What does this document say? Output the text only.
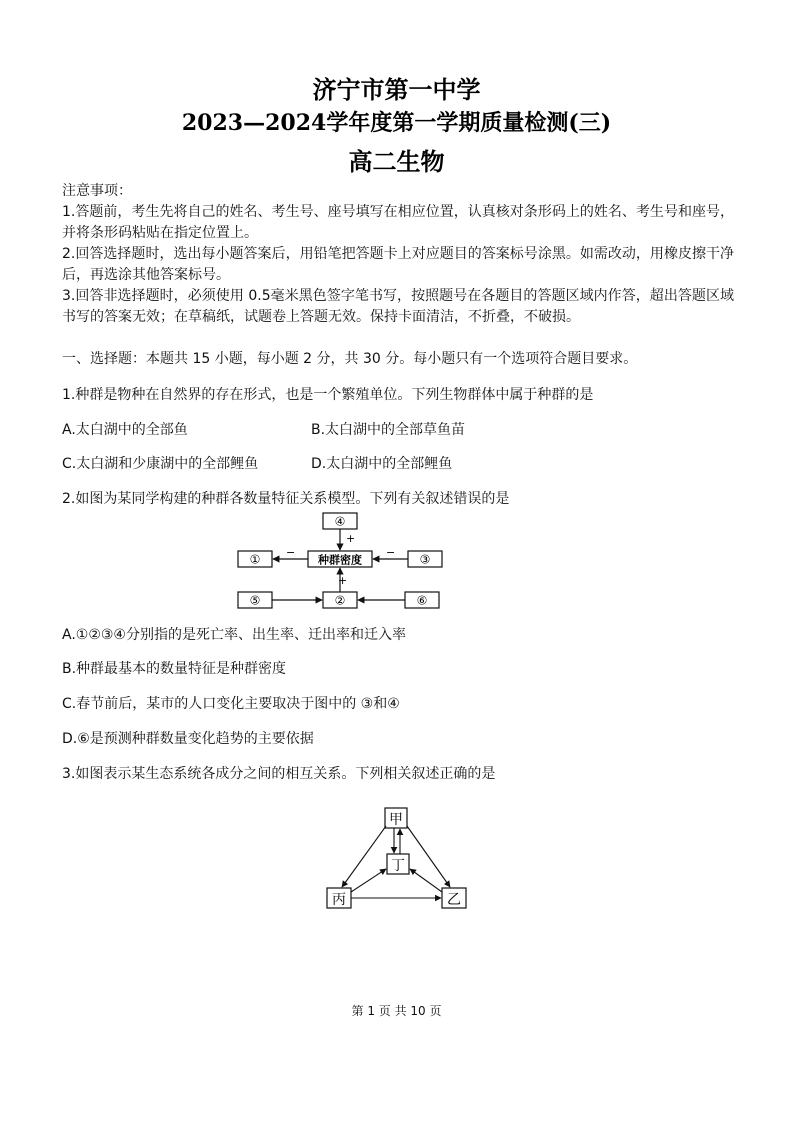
济宁市第一中学
2023—2024学年度第一学期质量检测(三)
高二生物

注意事项：

1.答题前，考生先将自己的姓名、考生号、座号填写在相应位置，认真核对条形码上的姓名、考生号和座号，并将条形码粘贴在指定位置上。

2.回答选择题时，选出每小题答案后，用铅笔把答题卡上对应题目的答案标号涂黑。如需改动，用橡皮擦干净后，再选涂其他答案标号。

3.回答非选择题时，必须使用 0.5毫米黑色签字笔书写，按照题号在各题目的答题区域内作答，超出答题区域书写的答案无效；在草稿纸，试题卷上答题无效。保持卡面清洁，不折叠，不破损。

一、选择题：本题共 15 小题，每小题 2 分，共 30 分。每小题只有一个选项符合题目要求。
1.种群是物种在自然界的存在形式，也是一个繁殖单位。下列生物群体中属于种群的是
A.太白湖中的全部鱼	B.太白湖中的全部草鱼苗
C.太白湖和少康湖中的全部鲤鱼	D.太白湖中的全部鲤鱼
2.如图为某同学构建的种群各数量特征关系模型。下列有关叙述错误的是
④
①	种群密度	③
⑤	②	⑥
+
−	−
+
A.①②③④分别指的是死亡率、出生率、迁出率和迁入率
B.种群最基本的数量特征是种群密度
C.春节前后，某市的人口变化主要取决于图中的 ③和④
D.⑥是预测种群数量变化趋势的主要依据
3.如图表示某生态系统各成分之间的相互关系。下列相关叙述正确的是
甲
丁
丙	乙
第 1 页 共 10 页
